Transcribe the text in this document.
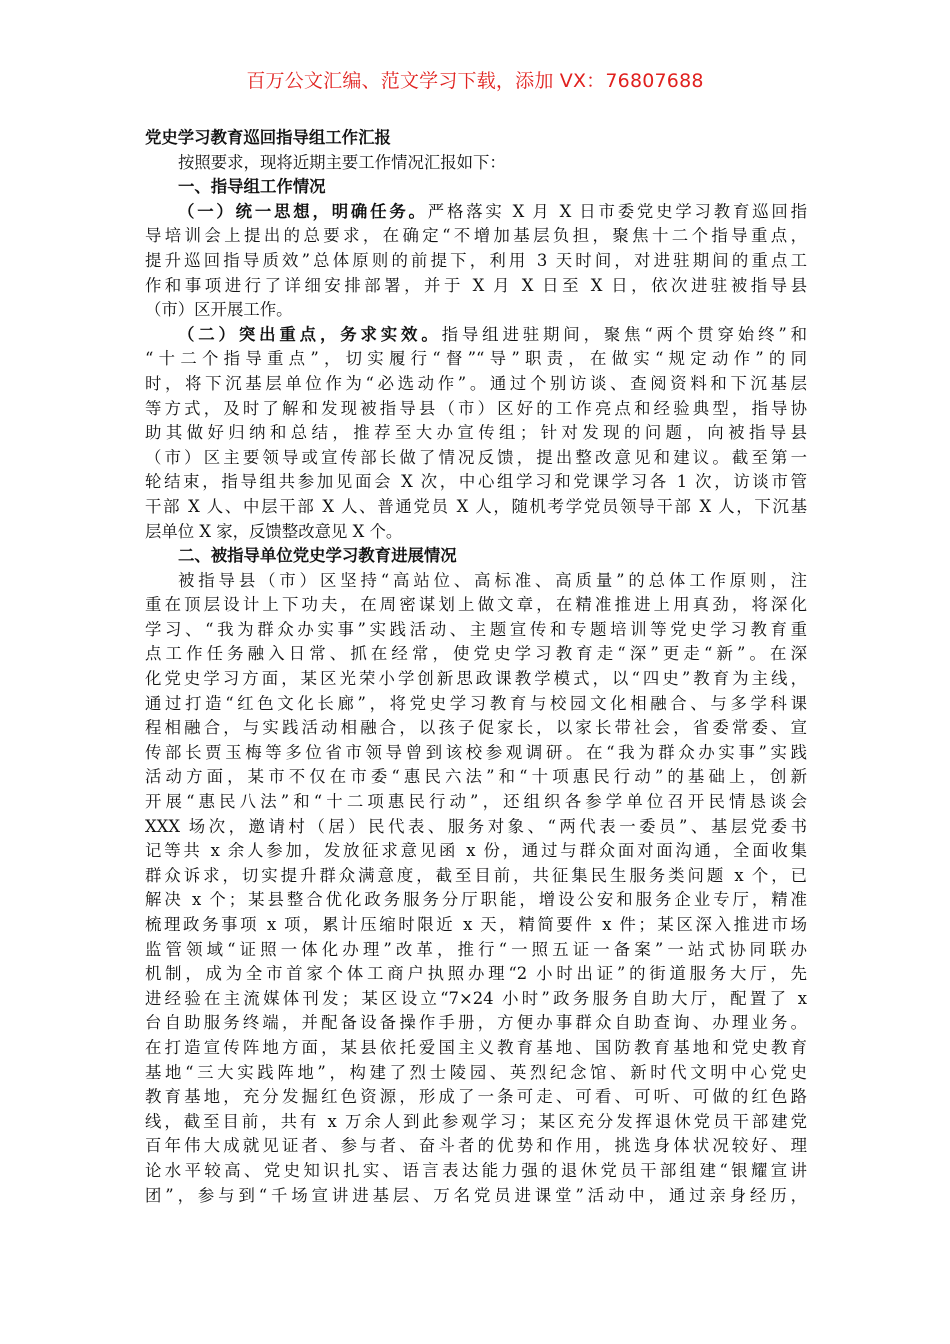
百万公文汇编、范文学习下载，添加 VX：76807688
党史学习教育巡回指导组工作汇报
按照要求，现将近期主要工作情况汇报如下：
一、指导组工作情况
（一）统一思想，明确任务。严格落实 X 月 X 日市委党史学习教育巡回指
导培训会上提出的总要求，在确定“不增加基层负担，聚焦十二个指导重点，
提升巡回指导质效”总体原则的前提下，利用 3 天时间，对进驻期间的重点工
作和事项进行了详细安排部署，并于 X 月 X 日至 X 日，依次进驻被指导县
（市）区开展工作。
（二）突出重点，务求实效。指导组进驻期间，聚焦“两个贯穿始终”和
“十二个指导重点”，切实履行“督”“导”职责，在做实“规定动作”的同
时，将下沉基层单位作为“必选动作”。通过个别访谈、查阅资料和下沉基层
等方式，及时了解和发现被指导县（市）区好的工作亮点和经验典型，指导协
助其做好归纳和总结，推荐至大办宣传组；针对发现的问题，向被指导县
（市）区主要领导或宣传部长做了情况反馈，提出整改意见和建议。截至第一
轮结束，指导组共参加见面会 X 次，中心组学习和党课学习各 1 次，访谈市管
干部 X 人、中层干部 X 人、普通党员 X 人，随机考学党员领导干部 X 人，下沉基
层单位 X 家，反馈整改意见 X 个。
二、被指导单位党史学习教育进展情况
被指导县（市）区坚持“高站位、高标准、高质量”的总体工作原则，注
重在顶层设计上下功夫，在周密谋划上做文章，在精准推进上用真劲，将深化
学习、“我为群众办实事”实践活动、主题宣传和专题培训等党史学习教育重
点工作任务融入日常、抓在经常，使党史学习教育走“深”更走“新”。在深
化党史学习方面，某区光荣小学创新思政课教学模式，以“四史”教育为主线，
通过打造“红色文化长廊”，将党史学习教育与校园文化相融合、与多学科课
程相融合，与实践活动相融合，以孩子促家长，以家长带社会，省委常委、宣
传部长贾玉梅等多位省市领导曾到该校参观调研。在“我为群众办实事”实践
活动方面，某市不仅在市委“惠民六法”和“十项惠民行动”的基础上，创新
开展“惠民八法”和“十二项惠民行动”，还组织各参学单位召开民情恳谈会
XXX 场次，邀请村（居）民代表、服务对象、“两代表一委员”、基层党委书
记等共 x 余人参加，发放征求意见函 x 份，通过与群众面对面沟通，全面收集
群众诉求，切实提升群众满意度，截至目前，共征集民生服务类问题 x 个，已
解决 x 个；某县整合优化政务服务分厅职能，增设公安和服务企业专厅，精准
梳理政务事项 x 项，累计压缩时限近 x 天，精简要件 x 件；某区深入推进市场
监管领域“证照一体化办理”改革，推行“一照五证一备案”一站式协同联办
机制，成为全市首家个体工商户执照办理“2 小时出证”的街道服务大厅，先
进经验在主流媒体刊发；某区设立“7×24 小时”政务服务自助大厅，配置了 x
台自助服务终端，并配备设备操作手册，方便办事群众自助查询、办理业务。
在打造宣传阵地方面，某县依托爱国主义教育基地、国防教育基地和党史教育
基地“三大实践阵地”，构建了烈士陵园、英烈纪念馆、新时代文明中心党史
教育基地，充分发掘红色资源，形成了一条可走、可看、可听、可做的红色路
线，截至目前，共有 x 万余人到此参观学习；某区充分发挥退休党员干部建党
百年伟大成就见证者、参与者、奋斗者的优势和作用，挑选身体状况较好、理
论水平较高、党史知识扎实、语言表达能力强的退休党员干部组建“银耀宣讲
团”，参与到“千场宣讲进基层、万名党员进课堂”活动中，通过亲身经历，
